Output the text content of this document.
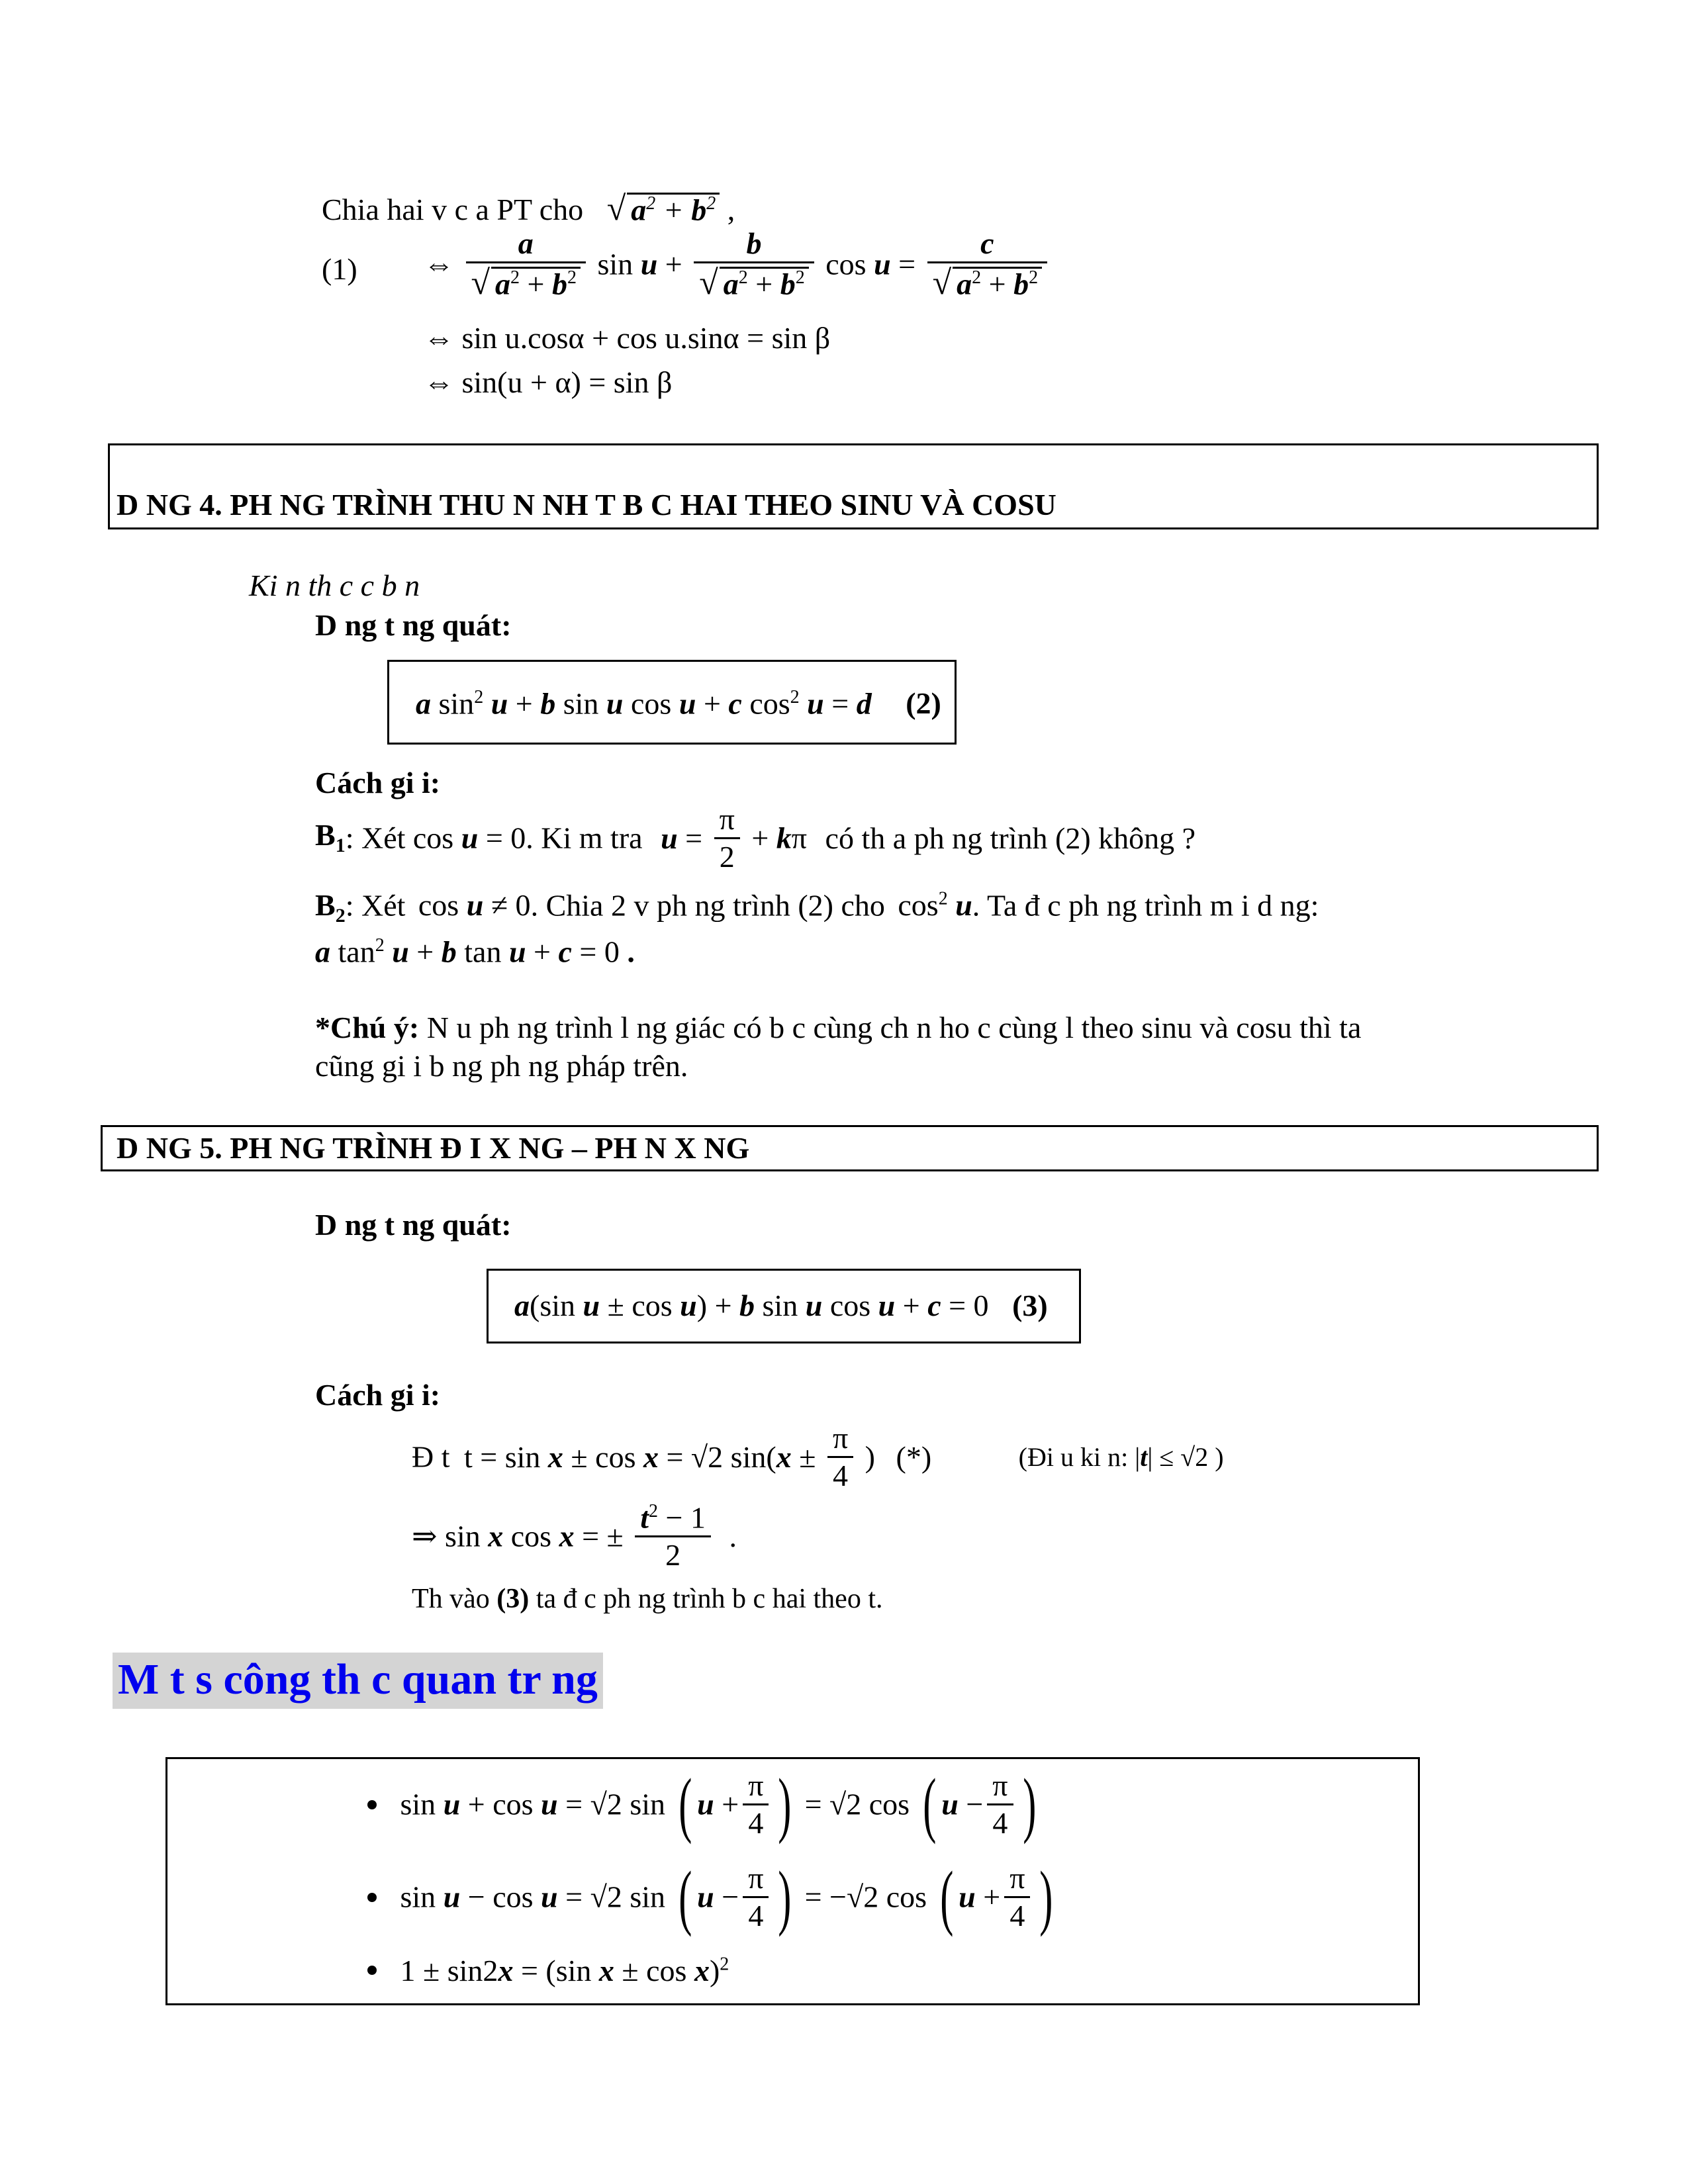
Chia hai v c a PT cho √ $a^2 + b^2$ ,
(1) ⇔ $\frac{a}{√ a^2 + b^2}$ $\sin u + \frac{b}{√ a^2 + b^2}$ $\cos u = \frac{c}{√ a^2 + b^2}$
⇔ sin u.cosα + cos u.sinα = sin β
⇔ sin(u + α) = sin β
D NG 4. PH NG TRÌNH THU N NH T B C HAI THEO SINU VÀ COSU
Ki n th c c b n
D ng t ng quát:
a $\sin^2 u + b$ sin u cos u + c $\cos^2 u = d$ (2)
Cách gi i:
$B_1$: Xét cos u = 0. Ki m tra $u = \frac{\pi}{2} + k\pi$ có th a ph ng trình (2) không ?
$B_2$: Xét cos u ≠ 0. Chia 2 v ph ng trình (2) cho $\cos^2 u$. Ta đ c ph ng trình m i d ng:
a $\tan^2 u + b$ tan u + c = 0 .
*Chú ý: N u ph ng trình l ng giác có b c cùng ch n ho c cùng l theo sinu và cosu thì ta
cũng gi i b ng ph ng pháp trên.
D NG 5. PH NG TRÌNH Đ I X NG – PH N X NG
D ng t ng quát:
a(sin u ± cos u) + b sin u cos u + c = 0 (3)
Cách gi i:
Đ t t = sin x ± cos x = √2 $\sin(x \pm \frac{\pi}{4}$ ) (*)	(Đi u ki n: |t| ≤ √2 )
⇒ sin x cos x = ± $\frac{t^2 - 1}{2}$ .
Th vào (3) ta đ c ph ng trình b c hai theo t.
M t s công th c quan tr ng
sin u + cos u = √2 sin ( $u + \frac{\pi}{4}$ ) = √2 cos ( $u - \frac{\pi}{4}$ )
sin u − cos u = √2 sin ( $u - \frac{\pi}{4}$ ) = −√2 cos ( $u + \frac{\pi}{4}$ )
1 ± sin2x = (sin x ± cos x)$^2$
